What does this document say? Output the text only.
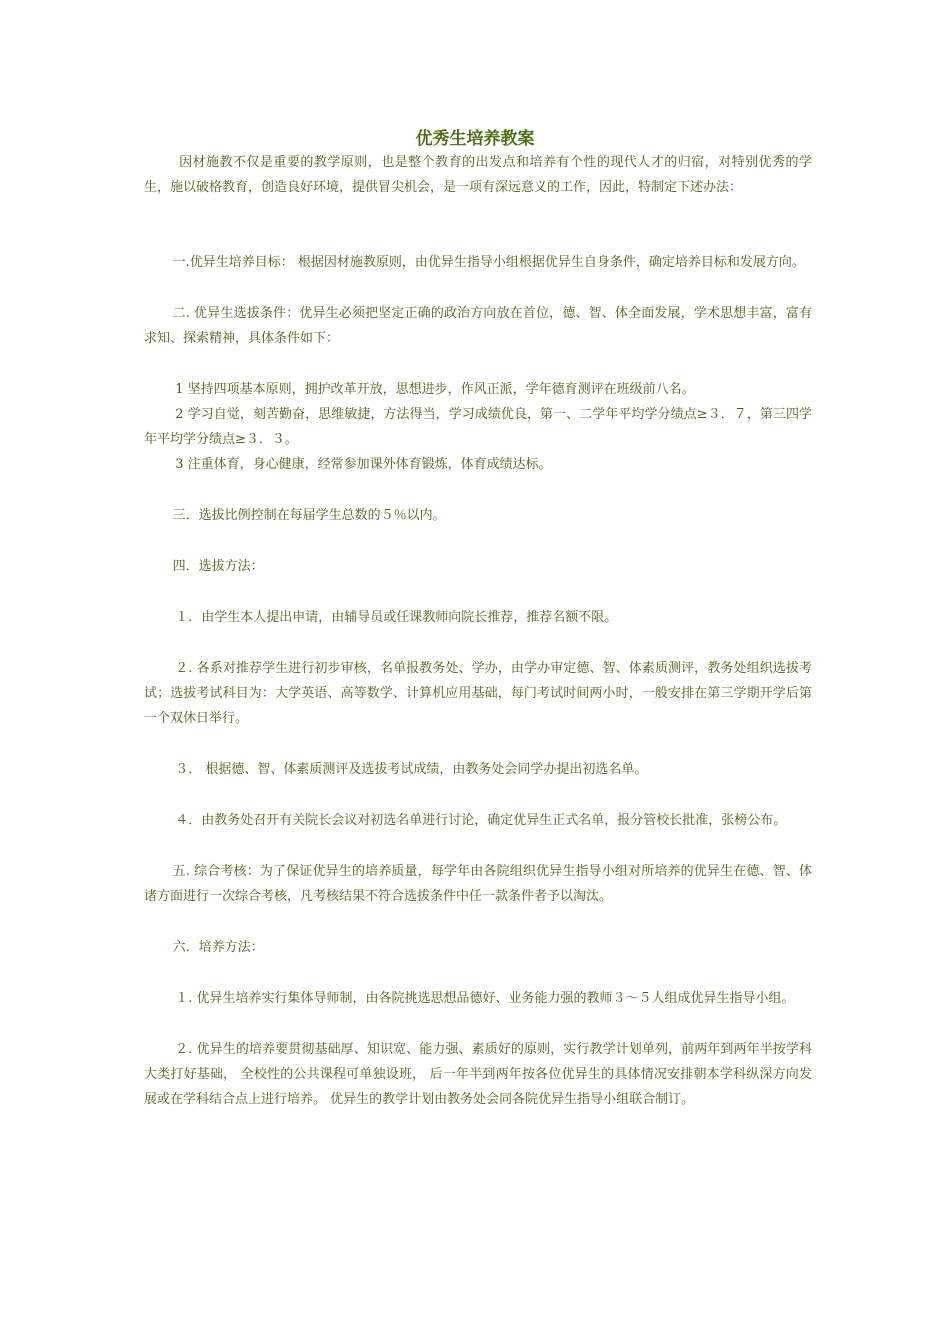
优秀生培养教案

因材施教不仅是重要的教学原则，也是整个教育的出发点和培养有个性的现代人才的归宿，对特别优秀的学生，施以破格教育，创造良好环境，提供冒尖机会，是一项有深远意义的工作，因此，特制定下述办法：

一.优异生培养目标： 根据因材施教原则，由优异生指导小组根据优异生自身条件，确定培养目标和发展方向。

二. 优异生选拔条件：优异生必须把坚定正确的政治方向放在首位，德、智、体全面发展，学术思想丰富，富有求知、探索精神，具体条件如下：

1 坚持四项基本原则，拥护改革开放，思想进步，作风正派，学年德育测评在班级前八名。

2 学习自觉，刻苦勤奋，思维敏捷，方法得当，学习成绩优良，第一、二学年平均学分绩点≥３．７，第三四学年平均学分绩点≥３．３。

3 注重体育，身心健康，经常参加课外体育锻炼，体育成绩达标。

三．选拔比例控制在每届学生总数的５％以内。

四．选拔方法：

１．由学生本人提出申请，由辅导员或任课教师向院长推荐，推荐名额不限。

２. 各系对推荐学生进行初步审核，名单报教务处、学办，由学办审定德、智、体素质测评，教务处组织选拔考试；选拔考试科目为：大学英语、高等数学、计算机应用基础，每门考试时间两小时，一般安排在第三学期开学后第一个双休日举行。

３． 根据德、智、体素质测评及选拔考试成绩，由教务处会同学办提出初选名单。

４．由教务处召开有关院长会议对初选名单进行讨论，确定优异生正式名单，报分管校长批准，张榜公布。

五. 综合考核：为了保证优异生的培养质量，每学年由各院组织优异生指导小组对所培养的优异生在德、智、体诸方面进行一次综合考核，凡考核结果不符合选拔条件中任一款条件者予以淘汰。

六．培养方法：

１. 优异生培养实行集体导师制，由各院挑选思想品德好、业务能力强的教师３～５人组成优异生指导小组。

２. 优异生的培养要贯彻基础厚、知识宽、能力强、素质好的原则，实行教学计划单列，前两年到两年半按学科大类打好基础， 全校性的公共课程可单独设班， 后一年半到两年按各位优异生的具体情况安排朝本学科纵深方向发展或在学科结合点上进行培养。 优异生的教学计划由教务处会同各院优异生指导小组联合制订。
